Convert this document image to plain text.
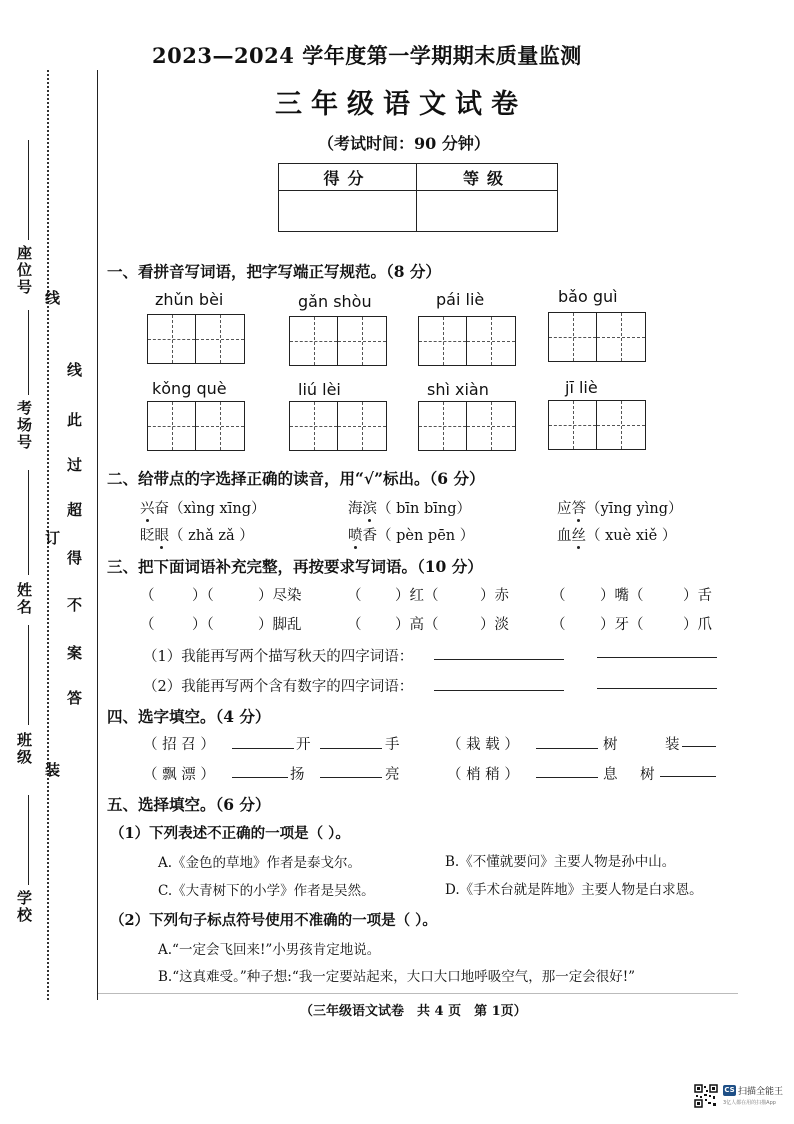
座位号
线
考场号
姓名
订
班级
装
学校
线
此
过
超
得
不
案
答
2023—2024 学年度第一学期期末质量监测
三年级语文试卷
（考试时间：90 分钟）
得分	等级

一、看拼音写词语，把字写端正写规范。（8 分）
zhǔn bèi	gǎn shòu	pái liè	bǎo guì
kǒng què	liú lèi	shì xiàn	jī liè
二、给带点的字选择正确的读音，用“√”标出。（6 分）
兴奋（xìng xīng）	海滨（ bīn bīng）	应答（yīng yìng）
眨眼（ zhǎ zǎ ）	喷香（ pèn pēn ）	血丝（ xuè xiě ）
三、把下面词语补充完整，再按要求写词语。（10 分）
（	）（	）尽染	（ ）红（	）赤	（ ）嘴（	）舌
（	）（	）脚乱	（ ）高（	）淡	（ ）牙（	）爪
（1）我能再写两个描写秋天的四字词语：
（2）我能再写两个含有数字的四字词语：
四、选字填空。（4 分）
（ 招 召 ）	开	手	（ 栽 载 ）	树	装
（ 飘 漂 ）	扬	亮	（ 梢 稍 ）	息 树
五、选择填空。（6 分）
（1）下列表述不正确的一项是（ ）。
A.《金色的草地》作者是泰戈尔。	B.《不懂就要问》主要人物是孙中山。
C.《大青树下的小学》作者是吴然。	D.《手术台就是阵地》主要人物是白求恩。
（2）下列句子标点符号使用不准确的一项是（ ）。
A.“一定会飞回来!”小男孩肯定地说。
B.“这真难受。”种子想:“我一定要站起来，大口大口地呼吸空气，那一定会很好!”
（三年级语文试卷　共 4 页　第 1页）
CS 扫描全能王
3亿人都在用的扫描App
